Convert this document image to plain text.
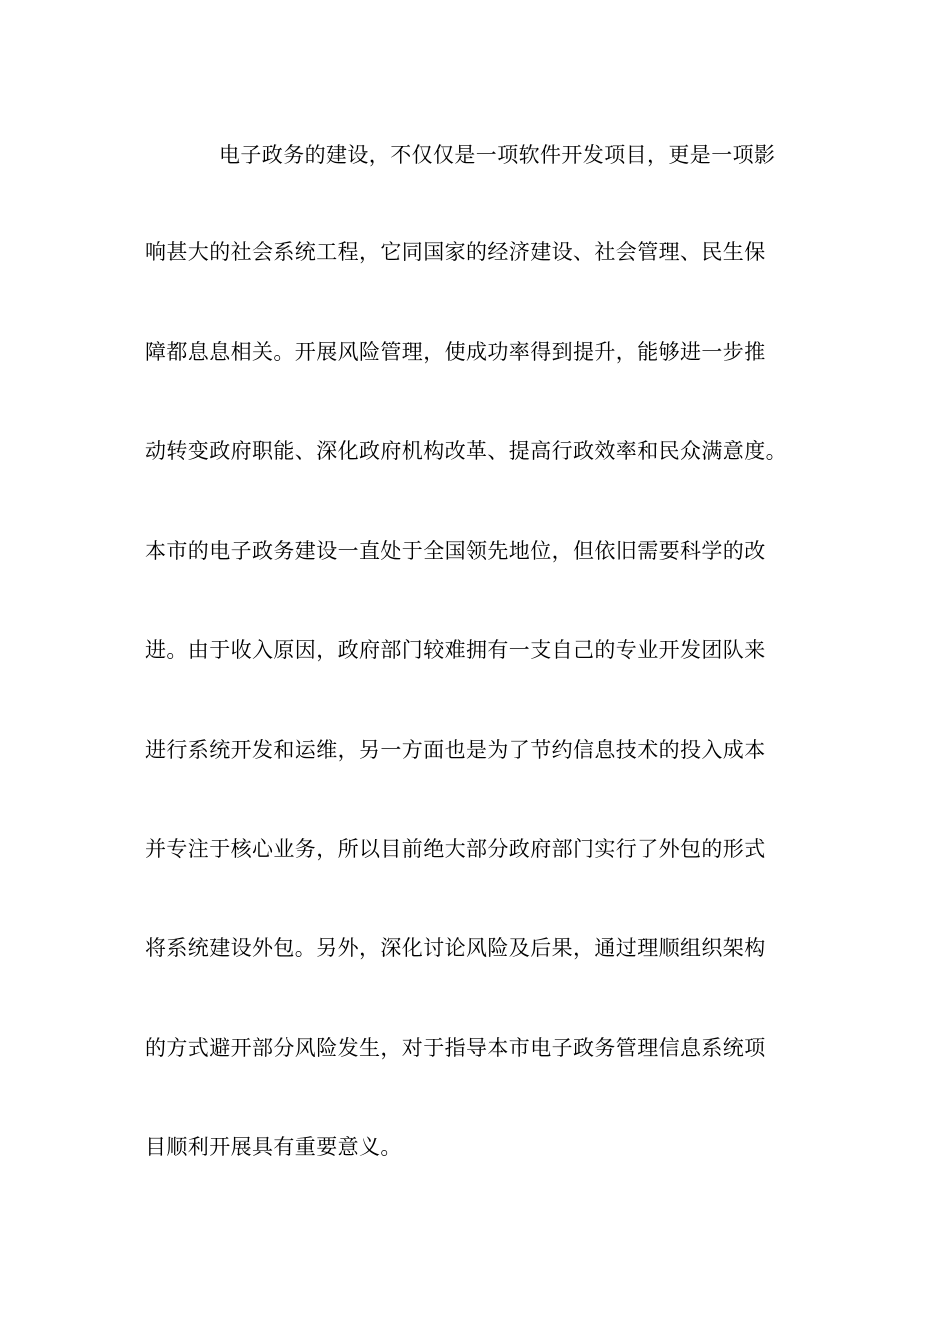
电子政务的建设，不仅仅是一项软件开发项目，更是一项影
响甚大的社会系统工程，它同国家的经济建设、社会管理、民生保
障都息息相关。开展风险管理，使成功率得到提升，能够进一步推
动转变政府职能、深化政府机构改革、提高行政效率和民众满意度。
本市的电子政务建设一直处于全国领先地位，但依旧需要科学的改
进。由于收入原因，政府部门较难拥有一支自己的专业开发团队来
进行系统开发和运维，另一方面也是为了节约信息技术的投入成本
并专注于核心业务，所以目前绝大部分政府部门实行了外包的形式
将系统建设外包。另外，深化讨论风险及后果，通过理顺组织架构
的方式避开部分风险发生，对于指导本市电子政务管理信息系统项
目顺利开展具有重要意义。
